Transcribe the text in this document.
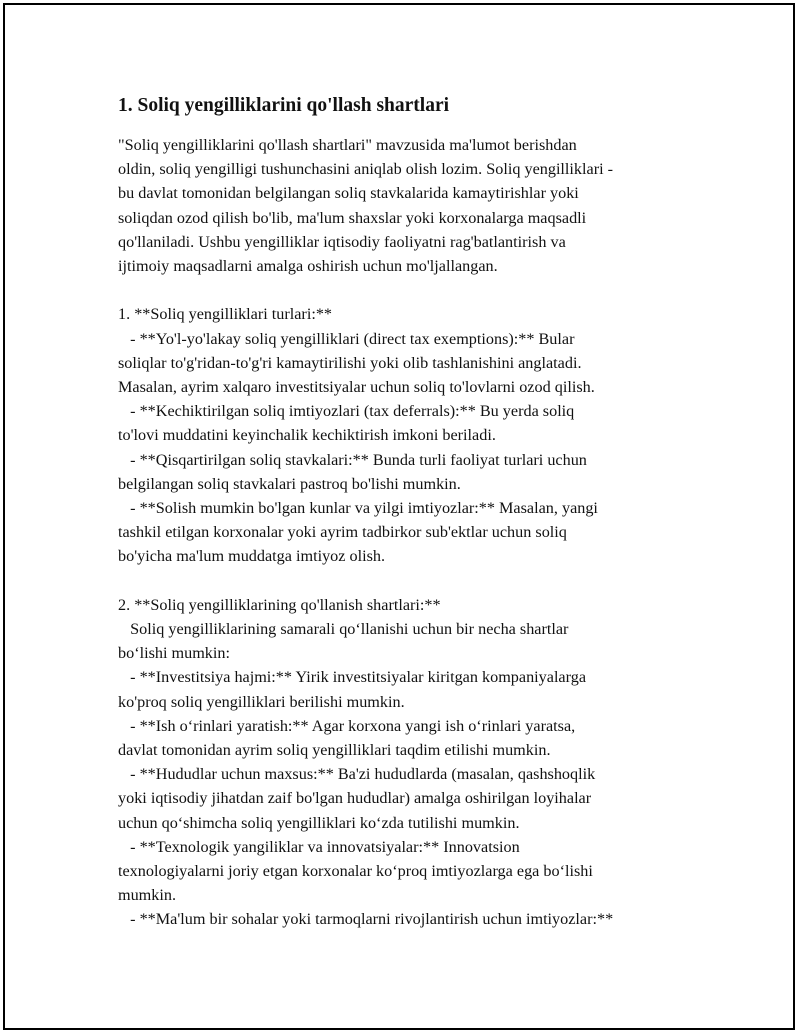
1. Soliq yengilliklarini qo'llash shartlari

"Soliq yengilliklarini qo'llash shartlari" mavzusida ma'lumot berishdan

oldin, soliq yengilligi tushunchasini aniqlab olish lozim. Soliq yengilliklari -

bu davlat tomonidan belgilangan soliq stavkalarida kamaytirishlar yoki

soliqdan ozod qilish bo'lib, ma'lum shaxslar yoki korxonalarga maqsadli

qo'llaniladi. Ushbu yengilliklar iqtisodiy faoliyatni rag'batlantirish va

ijtimoiy maqsadlarni amalga oshirish uchun mo'ljallangan.

1. **Soliq yengilliklari turlari:**

- **Yo'l-yo'lakay soliq yengilliklari (direct tax exemptions):** Bular

soliqlar to'g'ridan-to'g'ri kamaytirilishi yoki olib tashlanishini anglatadi.

Masalan, ayrim xalqaro investitsiyalar uchun soliq to'lovlarni ozod qilish.

- **Kechiktirilgan soliq imtiyozlari (tax deferrals):** Bu yerda soliq

to'lovi muddatini keyinchalik kechiktirish imkoni beriladi.

- **Qisqartirilgan soliq stavkalari:** Bunda turli faoliyat turlari uchun

belgilangan soliq stavkalari pastroq bo'lishi mumkin.

- **Solish mumkin bo'lgan kunlar va yilgi imtiyozlar:** Masalan, yangi

tashkil etilgan korxonalar yoki ayrim tadbirkor sub'ektlar uchun soliq

bo'yicha ma'lum muddatga imtiyoz olish.

2. **Soliq yengilliklarining qo'llanish shartlari:**

Soliq yengilliklarining samarali qo‘llanishi uchun bir necha shartlar

bo‘lishi mumkin:

- **Investitsiya hajmi:** Yirik investitsiyalar kiritgan kompaniyalarga

ko'proq soliq yengilliklari berilishi mumkin.

- **Ish o‘rinlari yaratish:** Agar korxona yangi ish o‘rinlari yaratsa,

davlat tomonidan ayrim soliq yengilliklari taqdim etilishi mumkin.

- **Hududlar uchun maxsus:** Ba'zi hududlarda (masalan, qashshoqlik

yoki iqtisodiy jihatdan zaif bo'lgan hududlar) amalga oshirilgan loyihalar

uchun qo‘shimcha soliq yengilliklari ko‘zda tutilishi mumkin.

- **Texnologik yangiliklar va innovatsiyalar:** Innovatsion

texnologiyalarni joriy etgan korxonalar ko‘proq imtiyozlarga ega bo‘lishi

mumkin.

- **Ma'lum bir sohalar yoki tarmoqlarni rivojlantirish uchun imtiyozlar:**
